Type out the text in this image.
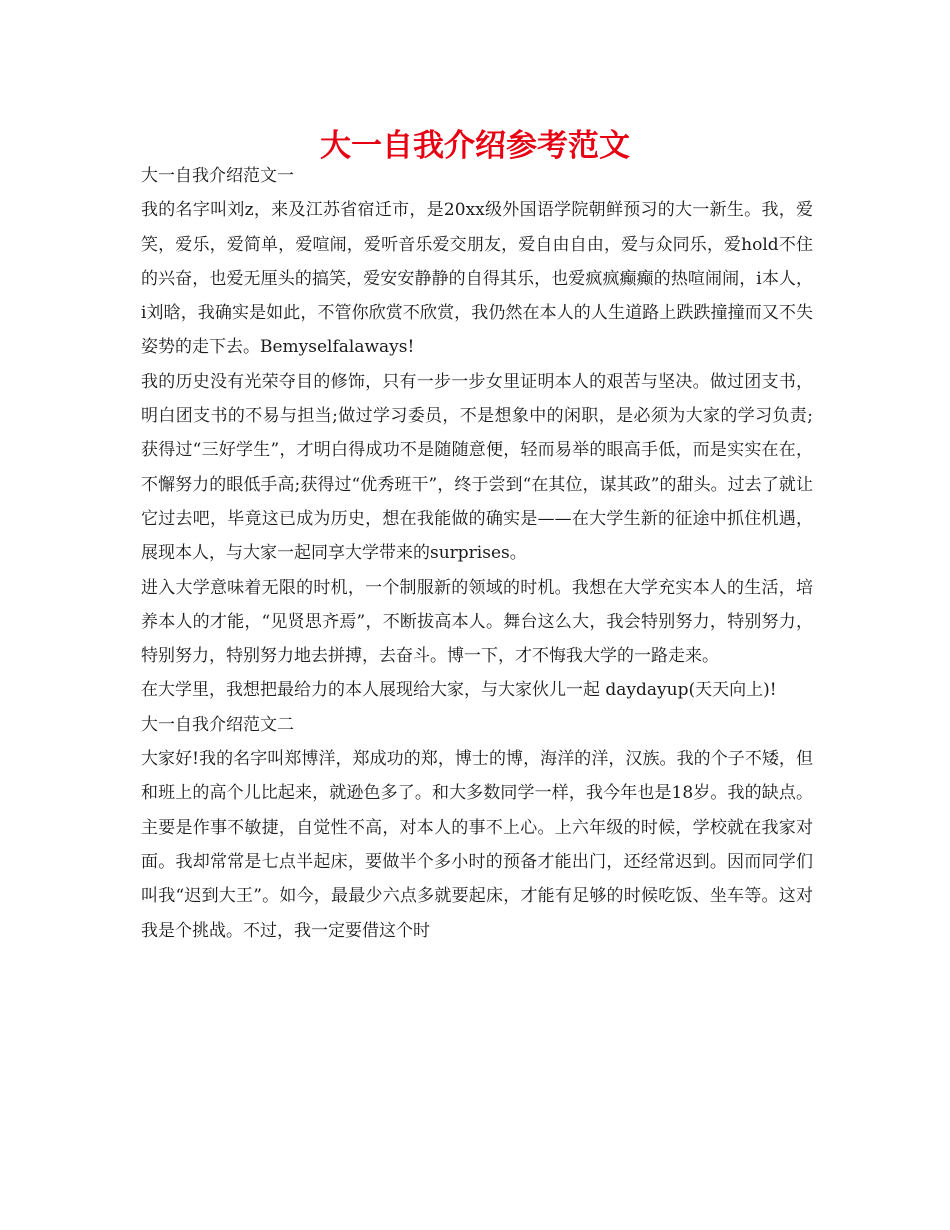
大一自我介绍参考范文

大一自我介绍范文一

我的名字叫刘z，来及江苏省宿迁市，是20xx级外国语学院朝鲜预习的大一新生。我，爱笑，爱乐，爱简单，爱喧闹，爱听音乐爱交朋友，爱自由自由，爱与众同乐，爱hold不住的兴奋，也爱无厘头的搞笑，爱安安静静的自得其乐，也爱疯疯癫癫的热喧闹闹，i本人，i刘晗，我确实是如此，不管你欣赏不欣赏，我仍然在本人的人生道路上跌跌撞撞而又不失姿势的走下去。Bemyselfalaways!

我的历史没有光荣夺目的修饰，只有一步一步女里证明本人的艰苦与坚决。做过团支书，明白团支书的不易与担当;做过学习委员，不是想象中的闲职，是必须为大家的学习负责;获得过“三好学生”，才明白得成功不是随随意便，轻而易举的眼高手低，而是实实在在，不懈努力的眼低手高;获得过“优秀班干”，终于尝到“在其位，谋其政”的甜头。过去了就让它过去吧，毕竟这已成为历史，想在我能做的确实是——在大学生新的征途中抓住机遇，展现本人，与大家一起同享大学带来的surprises。

进入大学意味着无限的时机，一个制服新的领域的时机。我想在大学充实本人的生活，培养本人的才能，“见贤思齐焉”，不断拔高本人。舞台这么大，我会特别努力，特别努力，特别努力，特别努力地去拼搏，去奋斗。博一下，才不悔我大学的一路走来。

在大学里，我想把最给力的本人展现给大家，与大家伙儿一起 daydayup(天天向上)!

大一自我介绍范文二

大家好!我的名字叫郑博洋，郑成功的郑，博士的博，海洋的洋，汉族。我的个子不矮，但和班上的高个儿比起来，就逊色多了。和大多数同学一样，我今年也是18岁。我的缺点。主要是作事不敏捷，自觉性不高，对本人的事不上心。上六年级的时候，学校就在我家对面。我却常常是七点半起床，要做半个多小时的预备才能出门，还经常迟到。因而同学们叫我“迟到大王”。如今，最最少六点多就要起床，才能有足够的时候吃饭、坐车等。这对我是个挑战。不过，我一定要借这个时
